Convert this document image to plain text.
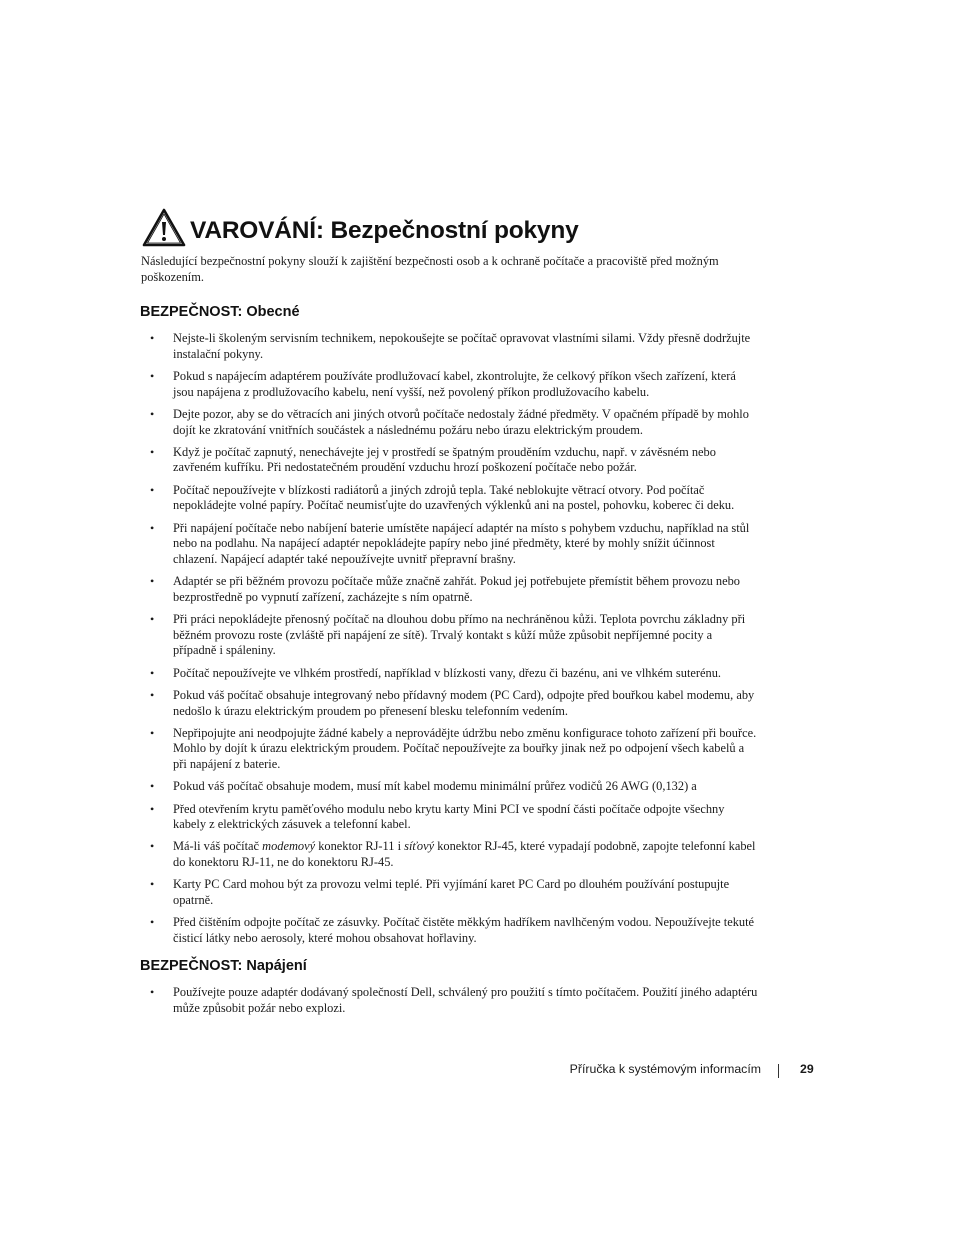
VAROVÁNÍ: Bezpečnostní pokyny

Následující bezpečnostní pokyny slouží k zajištění bezpečnosti osob a k ochraně počítače a pracoviště před možným poškozením.

BEZPEČNOST: Obecné
• Nejste-li školeným servisním technikem, nepokoušejte se počítač opravovat vlastními silami. Vždy přesně dodržujte instalační pokyny.
• Pokud s napájecím adaptérem používáte prodlužovací kabel, zkontrolujte, že celkový příkon všech zařízení, která jsou napájena z prodlužovacího kabelu, není vyšší, než povolený příkon prodlužovacího kabelu.
• Dejte pozor, aby se do větracích ani jiných otvorů počítače nedostaly žádné předměty. V opačném případě by mohlo dojít ke zkratování vnitřních součástek a následnému požáru nebo úrazu elektrickým proudem.
• Když je počítač zapnutý, nenechávejte jej v prostředí se špatným prouděním vzduchu, např. v závěsném nebo zavřeném kufříku. Při nedostatečném proudění vzduchu hrozí poškození počítače nebo požár.
• Počítač nepoužívejte v blízkosti radiátorů a jiných zdrojů tepla. Také neblokujte větrací otvory. Pod počítač nepokládejte volné papíry. Počítač neumisťujte do uzavřených výklenků ani na postel, pohovku, koberec či deku.
• Při napájení počítače nebo nabíjení baterie umístěte napájecí adaptér na místo s pohybem vzduchu, například na stůl nebo na podlahu. Na napájecí adaptér nepokládejte papíry nebo jiné předměty, které by mohly snížit účinnost chlazení. Napájecí adaptér také nepoužívejte uvnitř přepravní brašny.
• Adaptér se při běžném provozu počítače může značně zahřát. Pokud jej potřebujete přemístit během provozu nebo bezprostředně po vypnutí zařízení, zacházejte s ním opatrně.
• Při práci nepokládejte přenosný počítač na dlouhou dobu přímo na nechráněnou kůži. Teplota povrchu základny při běžném provozu roste (zvláště při napájení ze sítě). Trvalý kontakt s kůží může způsobit nepříjemné pocity a případně i spáleniny.
• Počítač nepoužívejte ve vlhkém prostředí, například v blízkosti vany, dřezu či bazénu, ani ve vlhkém suterénu.
• Pokud váš počítač obsahuje integrovaný nebo přídavný modem (PC Card), odpojte před bouřkou kabel modemu, aby nedošlo k úrazu elektrickým proudem po přenesení blesku telefonním vedením.
• Nepřipojujte ani neodpojujte žádné kabely a neprovádějte údržbu nebo změnu konfigurace tohoto zařízení při bouřce. Mohlo by dojít k úrazu elektrickým proudem. Počítač nepoužívejte za bouřky jinak než po odpojení všech kabelů a při napájení z baterie.
• Pokud váš počítač obsahuje modem, musí mít kabel modemu minimální průřez vodičů 26 AWG (0,132) a
• Před otevřením krytu paměťového modulu nebo krytu karty Mini PCI ve spodní části počítače odpojte všechny kabely z elektrických zásuvek a telefonní kabel.
• Má-li váš počítač modemový konektor RJ-11 i síťový konektor RJ-45, které vypadají podobně, zapojte telefonní kabel do konektoru RJ-11, ne do konektoru RJ-45.
• Karty PC Card mohou být za provozu velmi teplé. Při vyjímání karet PC Card po dlouhém používání postupujte opatrně.
• Před čištěním odpojte počítač ze zásuvky. Počítač čistěte měkkým hadříkem navlhčeným vodou. Nepoužívejte tekuté čisticí látky nebo aerosoly, které mohou obsahovat hořlaviny.
BEZPEČNOST: Napájení
• Používejte pouze adaptér dodávaný společností Dell, schválený pro použití s tímto počítačem. Použití jiného adaptéru může způsobit požár nebo explozi.
Příručka k systémovým informacím	29
